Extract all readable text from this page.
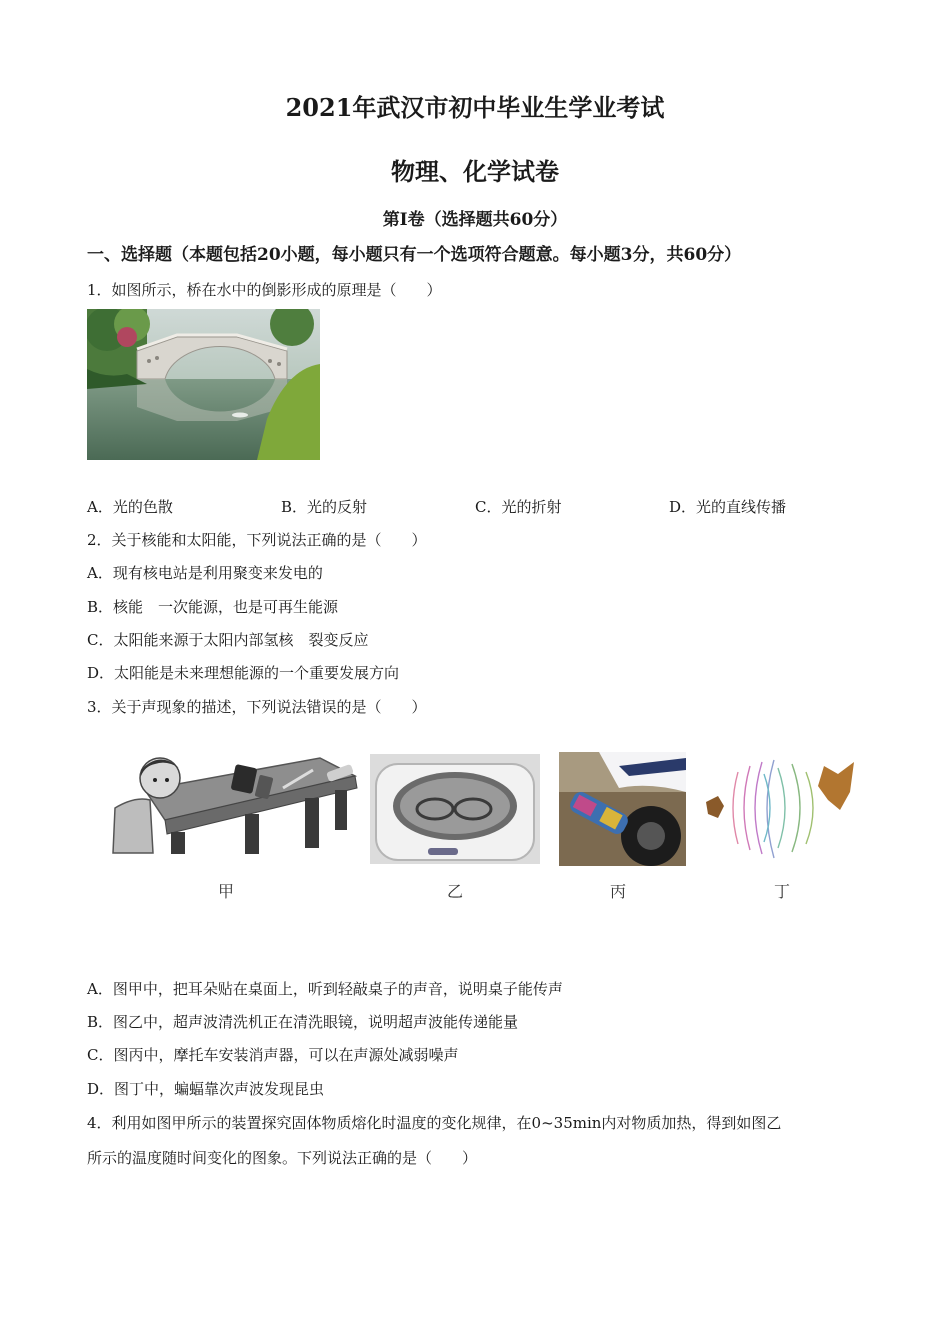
2021年武汉市初中毕业生学业考试
物理、化学试卷
第I卷（选择题共60分）
一、选择题（本题包括20小题，每小题只有一个选项符合题意。每小题3分，共60分）
1．如图所示，桥在水中的倒影形成的原理是（　　）
A．光的色散	B．光的反射	C．光的折射	D．光的直线传播
2．关于核能和太阳能，下列说法正确的是（　　）
A．现有核电站是利用聚变来发电的
B．核能　一次能源，也是可再生能源
C．太阳能来源于太阳内部氢核　裂变反应
D．太阳能是未来理想能源的一个重要发展方向
3．关于声现象的描述，下列说法错误的是（　　）
甲	乙	丙	丁
A．图甲中，把耳朵贴在桌面上，听到轻敲桌子的声音，说明桌子能传声
B．图乙中，超声波清洗机正在清洗眼镜，说明超声波能传递能量
C．图丙中，摩托车安装消声器，可以在声源处减弱噪声
D．图丁中，蝙蝠靠次声波发现昆虫
4．利用如图甲所示的装置探究固体物质熔化时温度的变化规律，在0~35min内对物质加热，得到如图乙
所示的温度随时间变化的图象。下列说法正确的是（　　）
